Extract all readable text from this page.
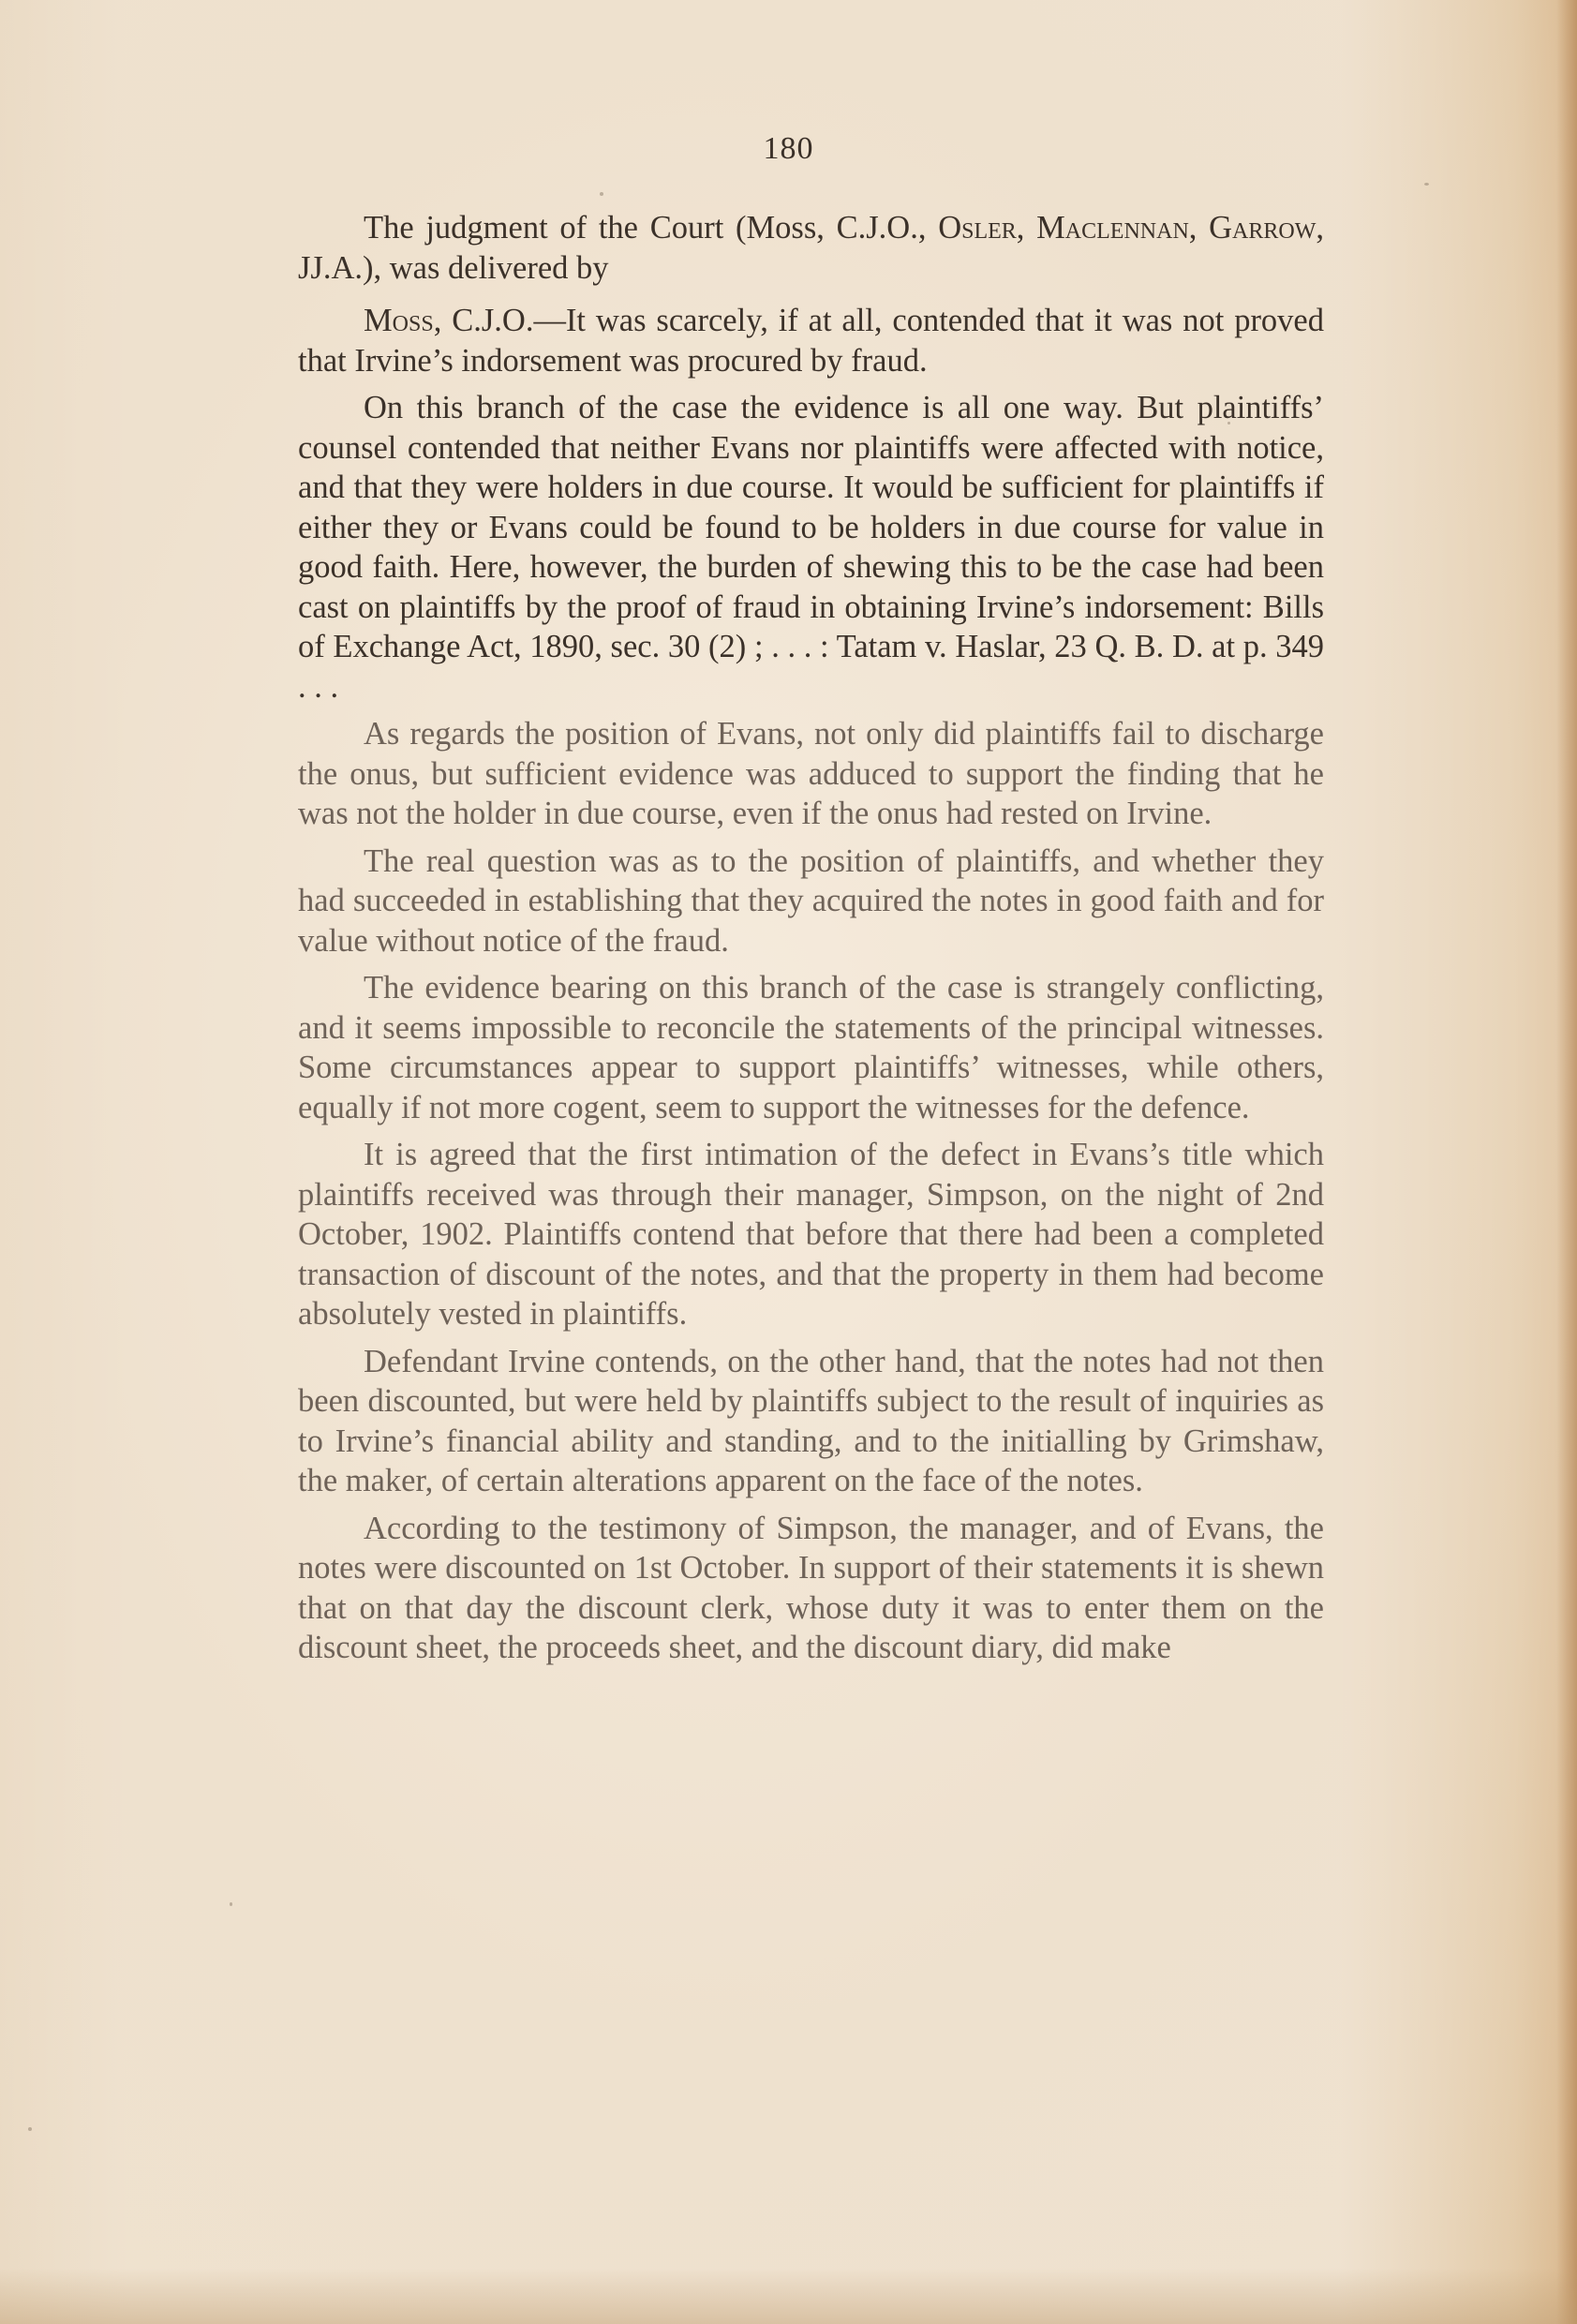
180

The judgment of the Court (Moss, C.J.O., Osler, Maclennan, Garrow, JJ.A.), was delivered by

Moss, C.J.O.—It was scarcely, if at all, contended that it was not proved that Irvine’s indorsement was procured by fraud.

On this branch of the case the evidence is all one way. But plaintiffs’ counsel contended that neither Evans nor plaintiffs were affected with notice, and that they were holders in due course. It would be sufficient for plaintiffs if either they or Evans could be found to be holders in due course for value in good faith. Here, however, the burden of shewing this to be the case had been cast on plaintiffs by the proof of fraud in obtaining Irvine’s indorsement: Bills of Exchange Act, 1890, sec. 30 (2) ; . . . : Tatam v. Haslar, 23 Q. B. D. at p. 349 . . .

As regards the position of Evans, not only did plaintiffs fail to discharge the onus, but sufficient evidence was adduced to support the finding that he was not the holder in due course, even if the onus had rested on Irvine.

The real question was as to the position of plaintiffs, and whether they had succeeded in establishing that they acquired the notes in good faith and for value without notice of the fraud.

The evidence bearing on this branch of the case is strangely conflicting, and it seems impossible to reconcile the statements of the principal witnesses. Some circumstances appear to support plaintiffs’ witnesses, while others, equally if not more cogent, seem to support the witnesses for the defence.

It is agreed that the first intimation of the defect in Evans’s title which plaintiffs received was through their manager, Simpson, on the night of 2nd October, 1902. Plaintiffs contend that before that there had been a completed transaction of discount of the notes, and that the property in them had become absolutely vested in plaintiffs.

Defendant Irvine contends, on the other hand, that the notes had not then been discounted, but were held by plaintiffs subject to the result of inquiries as to Irvine’s financial ability and standing, and to the initialling by Grimshaw, the maker, of certain alterations apparent on the face of the notes.

According to the testimony of Simpson, the manager, and of Evans, the notes were discounted on 1st October. In support of their statements it is shewn that on that day the discount clerk, whose duty it was to enter them on the discount sheet, the proceeds sheet, and the discount diary, did make
